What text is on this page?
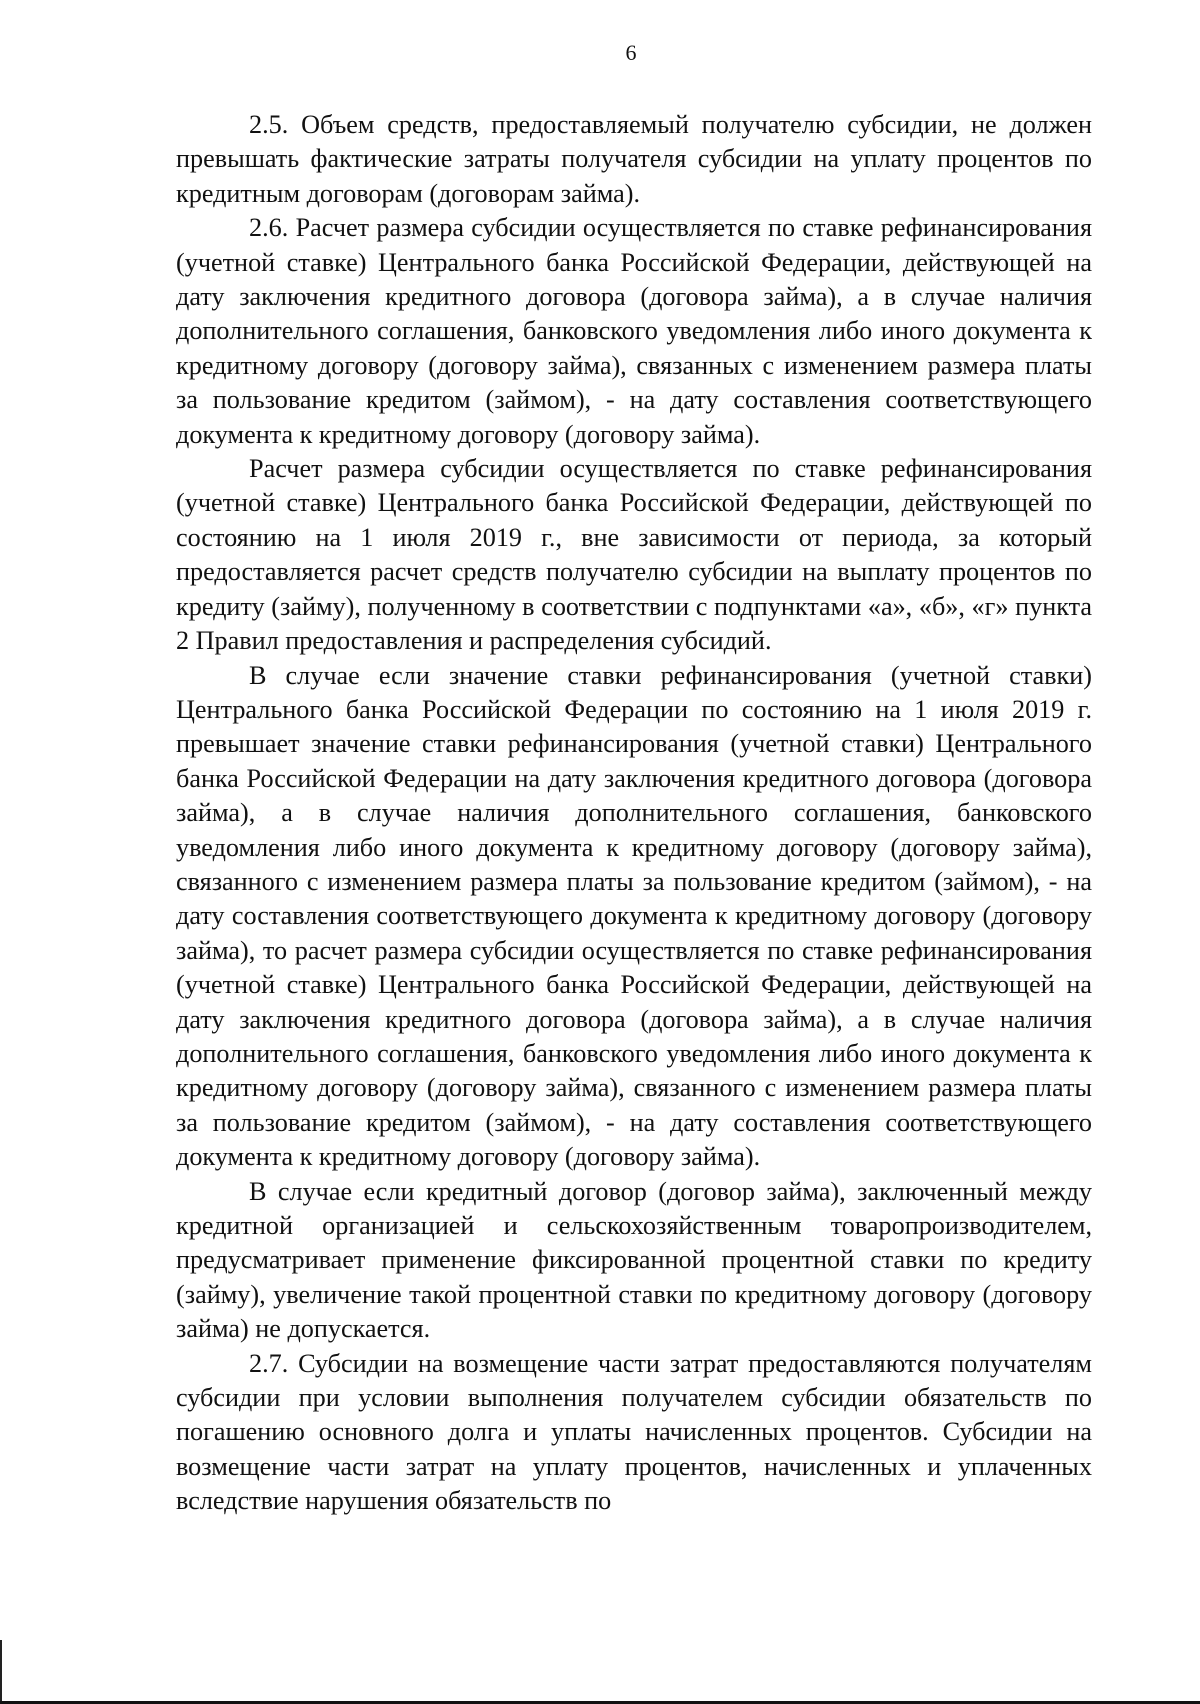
6

2.5. Объем средств, предоставляемый получателю субсидии, не должен превышать фактические затраты получателя субсидии на уплату процентов по кредитным договорам (договорам займа).

2.6. Расчет размера субсидии осуществляется по ставке рефинансирования (учетной ставке) Центрального банка Российской Федерации, действующей на дату заключения кредитного договора (договора займа), а в случае наличия дополнительного соглашения, банковского уведомления либо иного документа к кредитному договору (договору займа), связанных с изменением размера платы за пользование кредитом (займом), - на дату составления соответствующего документа к кредитному договору (договору займа).

Расчет размера субсидии осуществляется по ставке рефинансирования (учетной ставке) Центрального банка Российской Федерации, действующей по состоянию на 1 июля 2019 г., вне зависимости от периода, за который предоставляется расчет средств получателю субсидии на выплату процентов по кредиту (займу), полученному в соответствии с подпунктами «а», «б», «г» пункта 2 Правил предоставления и распределения субсидий.

В случае если значение ставки рефинансирования (учетной ставки) Центрального банка Российской Федерации по состоянию на 1 июля 2019 г. превышает значение ставки рефинансирования (учетной ставки) Центрального банка Российской Федерации на дату заключения кредитного договора (договора займа), а в случае наличия дополнительного соглашения, банковского уведомления либо иного документа к кредитному договору (договору займа), связанного с изменением размера платы за пользование кредитом (займом), - на дату составления соответствующего документа к кредитному договору (договору займа), то расчет размера субсидии осуществляется по ставке рефинансирования (учетной ставке) Центрального банка Российской Федерации, действующей на дату заключения кредитного договора (договора займа), а в случае наличия дополнительного соглашения, банковского уведомления либо иного документа к кредитному договору (договору займа), связанного с изменением размера платы за пользование кредитом (займом), - на дату составления соответствующего документа к кредитному договору (договору займа).

В случае если кредитный договор (договор займа), заключенный между кредитной организацией и сельскохозяйственным товаропроизводителем, предусматривает применение фиксированной процентной ставки по кредиту (займу), увеличение такой процентной ставки по кредитному договору (договору займа) не допускается.

2.7. Субсидии на возмещение части затрат предоставляются получателям субсидии при условии выполнения получателем субсидии обязательств по погашению основного долга и уплаты начисленных процентов. Субсидии на возмещение части затрат на уплату процентов, начисленных и уплаченных вследствие нарушения обязательств по
